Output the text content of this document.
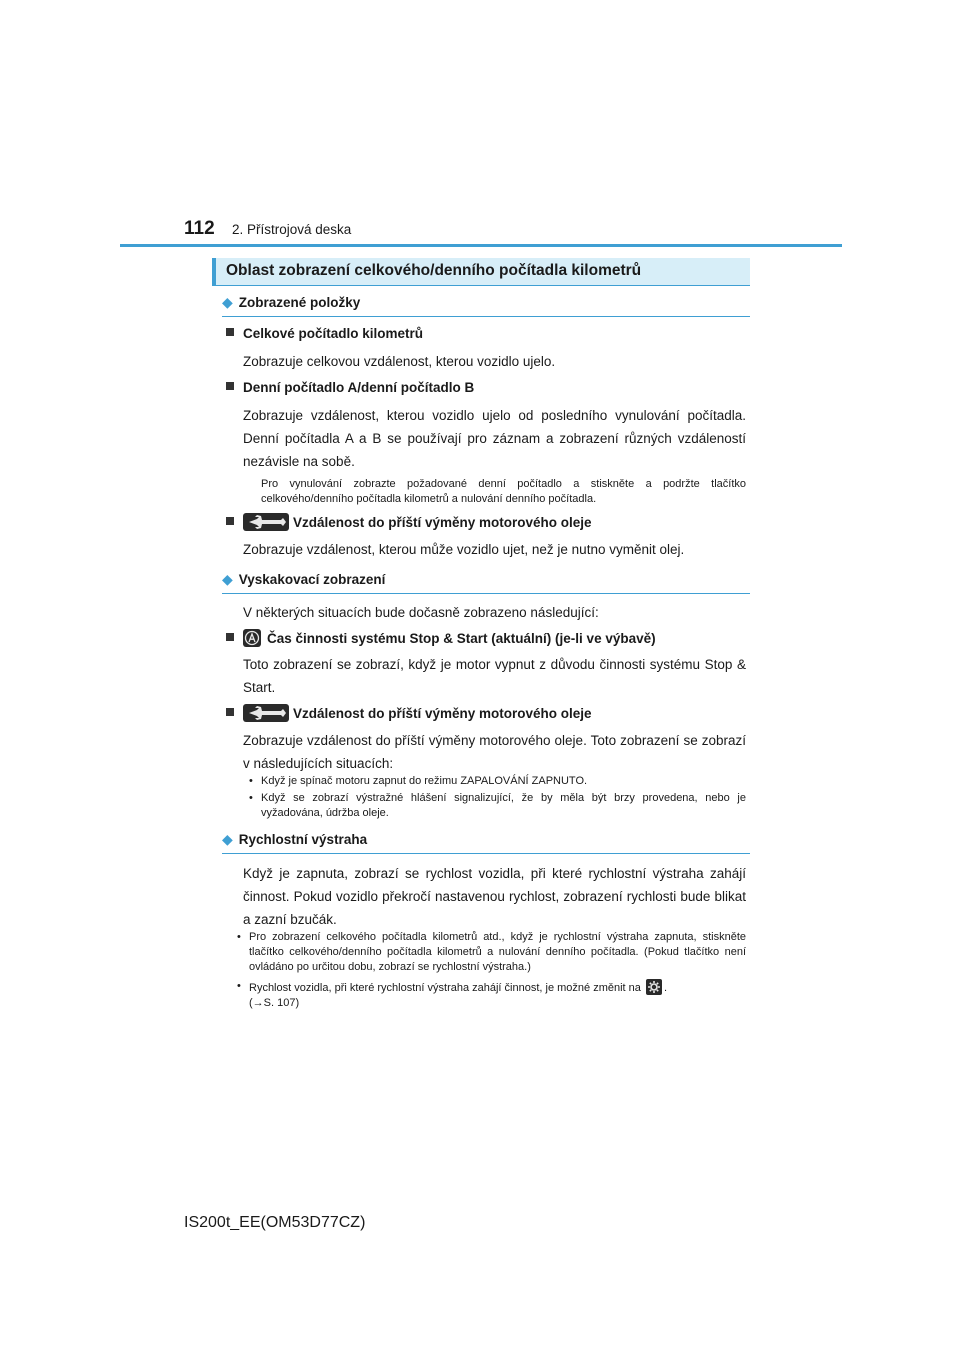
112 2. Přístrojová deska
Oblast zobrazení celkového/denního počítadla kilometrů
◆ Zobrazené položky
Celkové počítadlo kilometrů
Zobrazuje celkovou vzdálenost, kterou vozidlo ujelo.
Denní počítadlo A/denní počítadlo B
Zobrazuje vzdálenost, kterou vozidlo ujelo od posledního vynulování počítadla. Denní počítadla A a B se používají pro záznam a zobrazení různých vzdáleností nezávisle na sobě.
Pro vynulování zobrazte požadované denní počítadlo a stiskněte a podržte tlačítko celkového/denního počítadla kilometrů a nulování denního počítadla.
Vzdálenost do příští výměny motorového oleje
Zobrazuje vzdálenost, kterou může vozidlo ujet, než je nutno vyměnit olej.
◆ Vyskakovací zobrazení
V některých situacích bude dočasně zobrazeno následující:
Čas činnosti systému Stop & Start (aktuální) (je-li ve výbavě)
Toto zobrazení se zobrazí, když je motor vypnut z důvodu činnosti systému Stop & Start.
Vzdálenost do příští výměny motorového oleje
Zobrazuje vzdálenost do příští výměny motorového oleje. Toto zobrazení se zobrazí v následujících situacích:
• Když je spínač motoru zapnut do režimu ZAPALOVÁNÍ ZAPNUTO.
• Když se zobrazí výstražné hlášení signalizující, že by měla být brzy provedena, nebo je vyžadována, údržba oleje.
◆ Rychlostní výstraha
Když je zapnuta, zobrazí se rychlost vozidla, při které rychlostní výstraha zahájí činnost. Pokud vozidlo překročí nastavenou rychlost, zobrazení rychlosti bude blikat a zazní bzučák.
• Pro zobrazení celkového počítadla kilometrů atd., když je rychlostní výstraha zapnuta, stiskněte tlačítko celkového/denního počítadla kilometrů a nulování denního počítadla. (Pokud tlačítko není ovládáno po určitou dobu, zobrazí se rychlostní výstraha.)
• Rychlost vozidla, při které rychlostní výstraha zahájí činnost, je možné změnit na .
(→S. 107)
IS200t_EE(OM53D77CZ)
